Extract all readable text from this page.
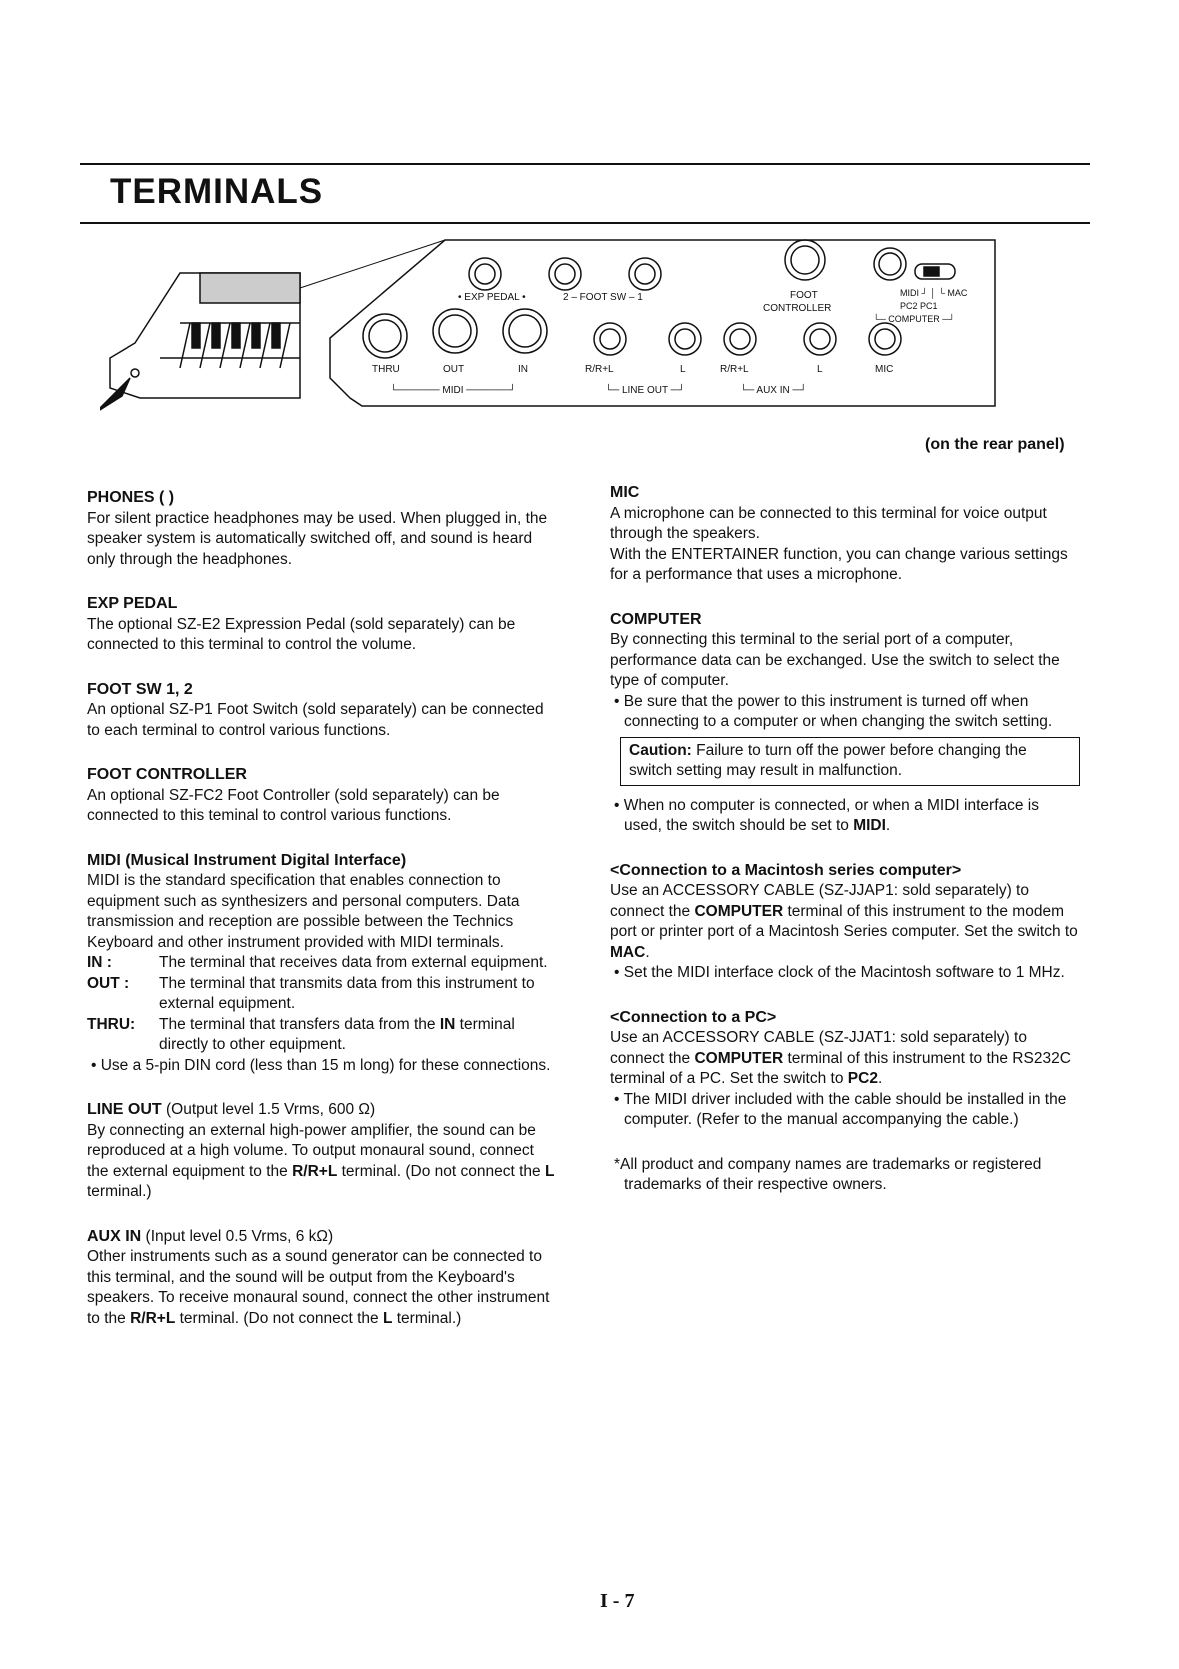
TERMINALS
• EXP PEDAL •	2 – FOOT SW – 1	FOOT
CONTROLLER
MIDI ┘ │ └ MAC
PC2 PC1
└─ COMPUTER ─┘
THRU	OUT	IN
└────── MIDI ──────┘
R/R+L	L
└─ LINE OUT ─┘
R/R+L	L
└─ AUX IN ─┘
MIC
(on the rear panel)
PHONES ( )

For silent practice headphones may be used. When plugged in, the speaker system is automatically switched off, and sound is heard only through the headphones.

EXP PEDAL

The optional SZ-E2 Expression Pedal (sold separately) can be connected to this terminal to control the volume.

FOOT SW 1, 2

An optional SZ-P1 Foot Switch (sold separately) can be connected to each terminal to control various functions.

FOOT CONTROLLER

An optional SZ-FC2 Foot Controller (sold separately) can be connected to this teminal to control various functions.

MIDI (Musical Instrument Digital Interface)

MIDI is the standard specification that enables connection to equipment such as synthesizers and personal computers. Data transmission and reception are possible between the Technics Keyboard and other instrument provided with MIDI terminals.

IN :	The terminal that receives data from external equipment.
OUT :	The terminal that transmits data from this instrument to external equipment.
THRU:	The terminal that transfers data from the IN terminal directly to other equipment.

• Use a 5-pin DIN cord (less than 15 m long) for these connections.

LINE OUT (Output level 1.5 Vrms, 600 Ω)

By connecting an external high-power amplifier, the sound can be reproduced at a high volume. To output monaural sound, connect the external equipment to the R/R+L terminal. (Do not connect the L terminal.)

AUX IN (Input level 0.5 Vrms, 6 kΩ)

Other instruments such as a sound generator can be connected to this terminal, and the sound will be output from the Keyboard's speakers. To receive monaural sound, connect the other instrument to the R/R+L terminal. (Do not connect the L terminal.)

MIC

A microphone can be connected to this terminal for voice output through the speakers.

With the ENTERTAINER function, you can change various settings for a performance that uses a microphone.

COMPUTER

By connecting this terminal to the serial port of a computer, performance data can be exchanged. Use the switch to select the type of computer.

• Be sure that the power to this instrument is turned off when connecting to a computer or when changing the switch setting.

Caution: Failure to turn off the power before changing the switch setting may result in malfunction.

• When no computer is connected, or when a MIDI interface is used, the switch should be set to MIDI.

<Connection to a Macintosh series computer>

Use an ACCESSORY CABLE (SZ-JJAP1: sold separately) to connect the COMPUTER terminal of this instrument to the modem port or printer port of a Macintosh Series computer. Set the switch to MAC.

• Set the MIDI interface clock of the Macintosh software to 1 MHz.

<Connection to a PC>

Use an ACCESSORY CABLE (SZ-JJAT1: sold separately) to connect the COMPUTER terminal of this instrument to the RS232C terminal of a PC. Set the switch to PC2.

• The MIDI driver included with the cable should be installed in the computer. (Refer to the manual accompanying the cable.)

*All product and company names are trademarks or registered trademarks of their respective owners.

I - 7
